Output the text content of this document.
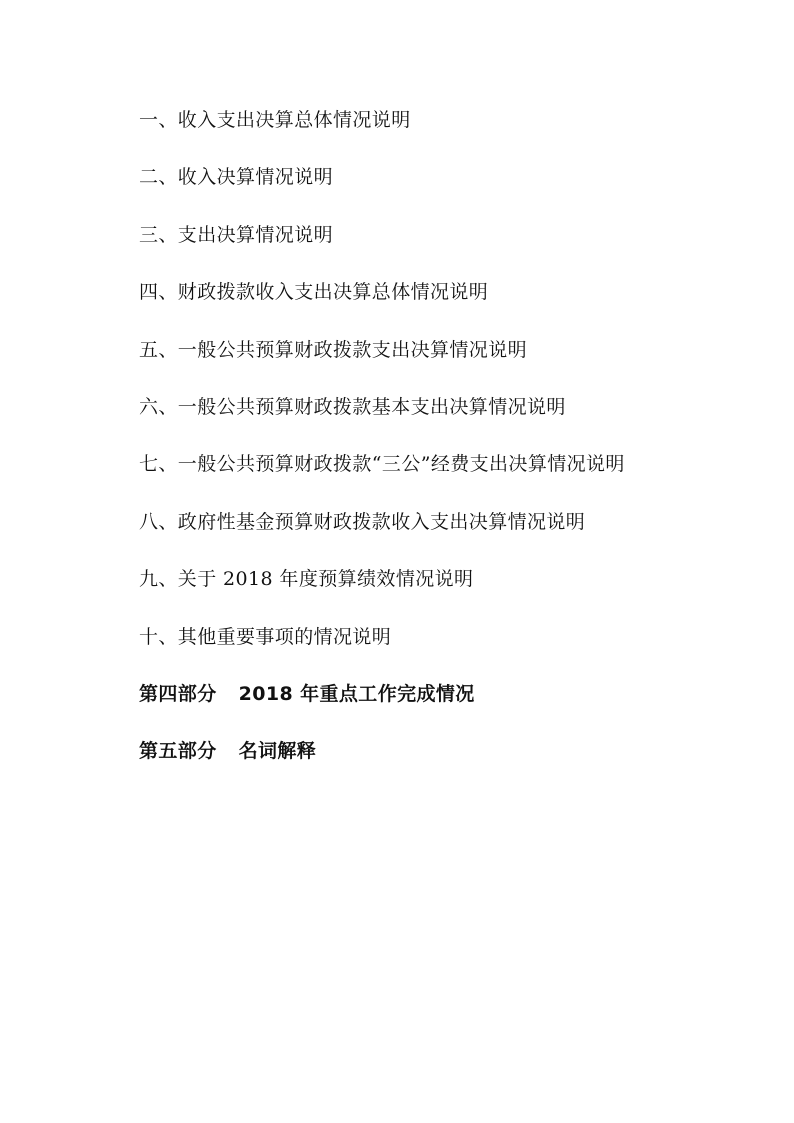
一、收入支出决算总体情况说明
二、收入决算情况说明
三、支出决算情况说明
四、财政拨款收入支出决算总体情况说明
五、一般公共预算财政拨款支出决算情况说明
六、一般公共预算财政拨款基本支出决算情况说明
七、一般公共预算财政拨款“三公”经费支出决算情况说明
八、政府性基金预算财政拨款收入支出决算情况说明
九、关于 2018 年度预算绩效情况说明
十、其他重要事项的情况说明
第四部分 2018 年重点工作完成情况
第五部分 名词解释
